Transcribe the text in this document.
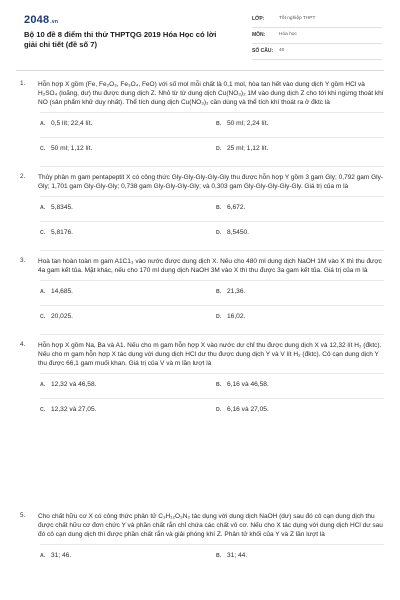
2048.vn
Bộ 10 đề 8 điểm thi thử THPTQG 2019 Hóa Học có lời giải chi tiết (đề số 7)
LỚP:	Tốt nghiệp THPT
MÔN:	Hóa học
SỐ CÂU: 40
1. Hỗn hợp X gồm (Fe, Fe₂O₃, Fe₃O₄, FeO) với số mol mỗi chất là 0,1 mol, hòa tan hết vào dung dịch Y gồm HCl và H₂SO₄ (loãng, dư) thu được dung dịch Z. Nhỏ từ từ dung dịch Cu(NO₃)₂ 1M vào dung dịch Z cho tới khi ngừng thoát khí NO (sản phẩm khử duy nhất). Thể tích dung dịch Cu(NO₃)₂ cần dùng và thể tích khí thoát ra ở đktc là
A. 0,5 lít; 22,4 lít.	B. 50 ml; 2,24 lít.
C. 50 ml; 1,12 lít.	D. 25 ml; 1,12 lít.
2. Thủy phân m gam pentapeptit X có công thức Gly-Gly-Gly-Gly-Gly thu được hỗn hợp Y gồm 3 gam Gly; 0,792 gam Gly-Gly; 1,701 gam Gly-Gly-Gly; 0,738 gam Gly-Gly-Gly-Gly; và 0,303 gam Gly-Gly-Gly-Gly-Gly. Giá trị của m là
A. 5,8345.	B. 6,672.
C. 5,8176.	D. 8,5450.
3. Hoà tan hoàn toàn m gam A1C1₃ vào nước được dung dịch X. Nếu cho 480 ml dung dịch NaOH 1M vào X thì thu được 4a gam kết tủa. Mặt khác, nếu cho 170 ml dung dịch NaOH 3M vào X thì thu được 3a gam kết tủa. Giá trị của m là
A. 14,685.	B. 21,36.
C. 20,025.	D. 16,02.
4. Hỗn hợp X gồm Na, Ba và A1. Nếu cho m gam hỗn hợp X vào nước dư chỉ thu được dung dịch X và 12,32 lít H₂ (đktc). Nếu cho m gam hỗn hợp X tác dụng với dung dịch HCl dư thu được dung dịch Y và V lít H₂ (đktc). Cô cạn dung dịch Y thu được 66,1 gam muối khan. Giá trị của V và m lần lượt là
A. 12,32 và 46,58.	B. 6,16 và 46,58.
C. 12,32 và 27,05.	D. 6,16 và 27,05.
5. Cho chất hữu cơ X có công thức phân tử C₃H₁₂O₃N₂ tác dụng với dung dịch NaOH (dư) sau đó cô cạn dung dịch thu được chất hữu cơ đơn chức Y và phần chất rắn chỉ chứa các chất vô cơ. Nếu cho X tác dụng với dung dịch HCl dư sau đó cô cạn dung dịch thì được phần chất rắn và giải phóng khí Z. Phân tử khối của Y và Z lần lượt là
A. 31; 46.	B. 31; 44.
